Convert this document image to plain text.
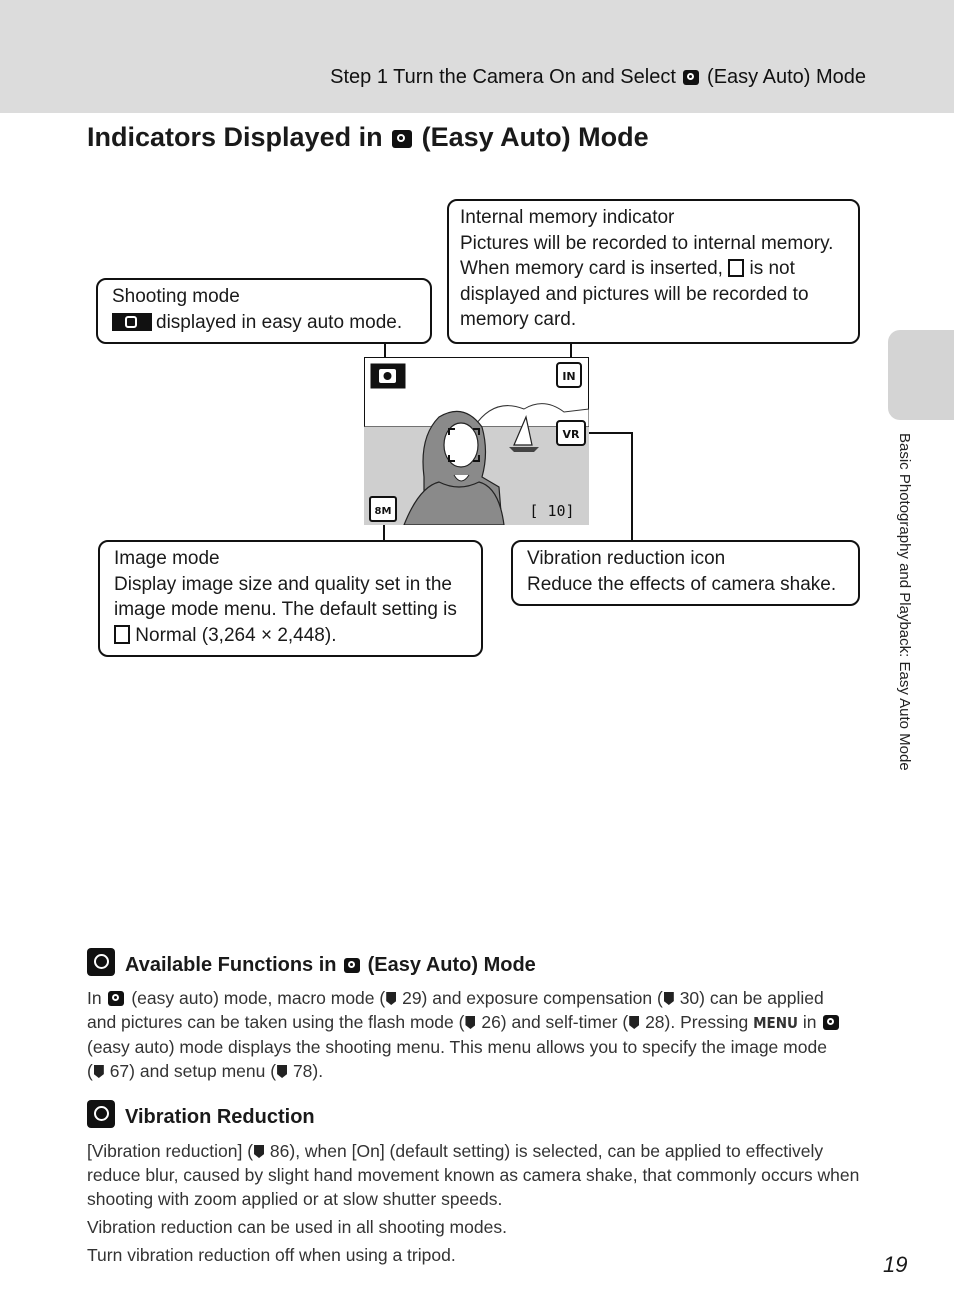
Step 1 Turn the Camera On and Select (Easy Auto) Mode
Indicators Displayed in (Easy Auto) Mode
Shooting mode
displayed in easy auto mode.
Internal memory indicator
Pictures will be recorded to internal memory.
When memory card is inserted, is not
displayed and pictures will be recorded to
memory card.
Image mode
Display image size and quality set in the
image mode menu. The default setting is
Normal (3,264 × 2,448).
Vibration reduction icon
Reduce the effects of camera shake.
IN
VR
8M	[ 10]	Basic Photography and Playback: Easy Auto Mode
Available Functions in (Easy Auto) Mode
In (easy auto) mode, macro mode ( 29) and exposure compensation ( 30) can be applied
and pictures can be taken using the flash mode ( 26) and self-timer ( 28). Pressing MENU in
(easy auto) mode displays the shooting menu. This menu allows you to specify the image mode
( 67) and setup menu ( 78).
Vibration Reduction
[Vibration reduction] ( 86), when [On] (default setting) is selected, can be applied to effectively
reduce blur, caused by slight hand movement known as camera shake, that commonly occurs when
shooting with zoom applied or at slow shutter speeds.
Vibration reduction can be used in all shooting modes.
Turn vibration reduction off when using a tripod.	19
